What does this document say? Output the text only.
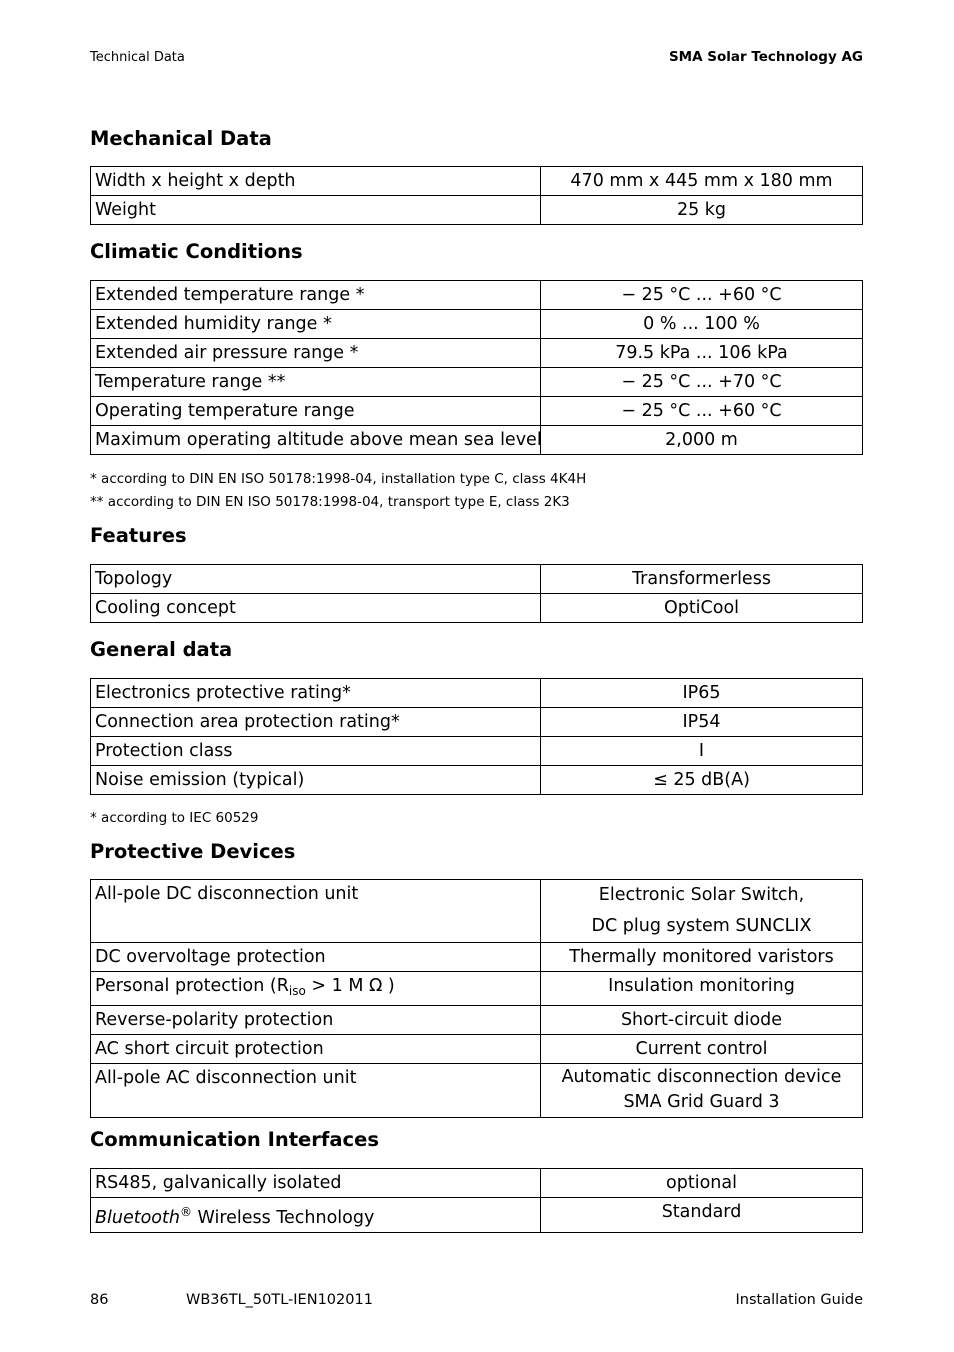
Technical Data	SMA Solar Technology AG
Mechanical Data
Width x height x depth	470 mm x 445 mm x 180 mm
Weight	25 kg
Climatic Conditions
Extended temperature range *	− 25 °C ... +60 °C
Extended humidity range *	0 % ... 100 %
Extended air pressure range *	79.5 kPa ... 106 kPa
Temperature range **	− 25 °C ... +70 °C
Operating temperature range	− 25 °C ... +60 °C
Maximum operating altitude above mean sea level	2,000 m
* according to DIN EN ISO 50178:1998-04, installation type C, class 4K4H
** according to DIN EN ISO 50178:1998-04, transport type E, class 2K3
Features
Topology	Transformerless
Cooling concept	OptiCool
General data
Electronics protective rating*	IP65
Connection area protection rating*	IP54
Protection class	I
Noise emission (typical)	≤ 25 dB(A)
* according to IEC 60529
Protective Devices
All-pole DC disconnection unit	Electronic Solar Switch,
DC plug system SUNCLIX

DC overvoltage protection	Thermally monitored varistors
Personal protection ($R_{iso} > 1$ M Ω )	Insulation monitoring
Reverse-polarity protection	Short-circuit diode
AC short circuit protection	Current control
All-pole AC disconnection unit	Automatic disconnection device
SMA Grid Guard 3
Communication Interfaces
RS485, galvanically isolated	optional
Bluetooth® Wireless Technology	Standard
86	WB36TL_50TL-IEN102011	Installation Guide
